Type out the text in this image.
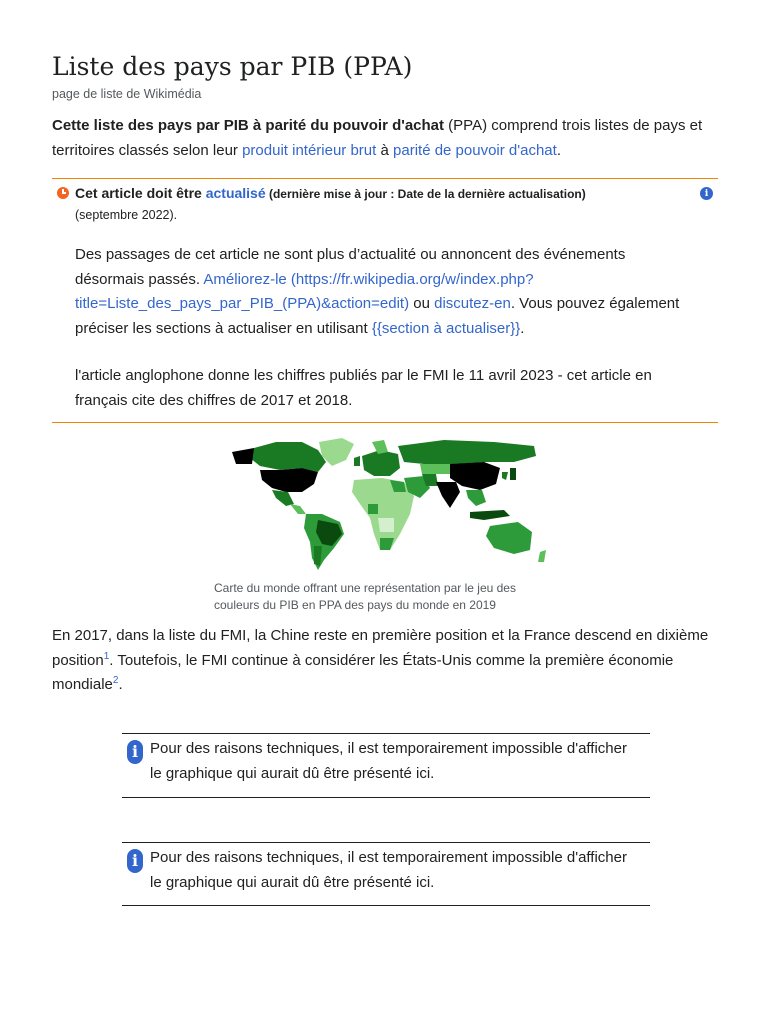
Liste des pays par PIB (PPA)
page de liste de Wikimédia

Cette liste des pays par PIB à parité du pouvoir d'achat (PPA) comprend trois listes de pays et territoires classés selon leur produit intérieur brut à parité de pouvoir d'achat.

Cet article doit être actualisé (dernière mise à jour : Date de la dernière actualisation)
(septembre 2022).
i

Des passages de cet article ne sont plus d’actualité ou annoncent des événements désormais passés. Améliorez-le (https://fr.wikipedia.org/w/index.php?title=Liste_des_pays_par_PIB_(PPA)&action=edit) ou discutez-en. Vous pouvez également préciser les sections à actualiser en utilisant {{section à actualiser}}.

l'article anglophone donne les chiffres publiés par le FMI le 11 avril 2023 - cet article en français cite des chiffres de 2017 et 2018.

Carte du monde offrant une représentation par le jeu des couleurs du PIB en PPA des pays du monde en 2019

En 2017, dans la liste du FMI, la Chine reste en première position et la France descend en dixième position$^1$. Toutefois, le FMI continue à considérer les États-Unis comme la première économie mondiale$^2$.

i Pour des raisons techniques, il est temporairement impossible d'afficher le graphique qui aurait dû être présenté ici.

i Pour des raisons techniques, il est temporairement impossible d'afficher le graphique qui aurait dû être présenté ici.
